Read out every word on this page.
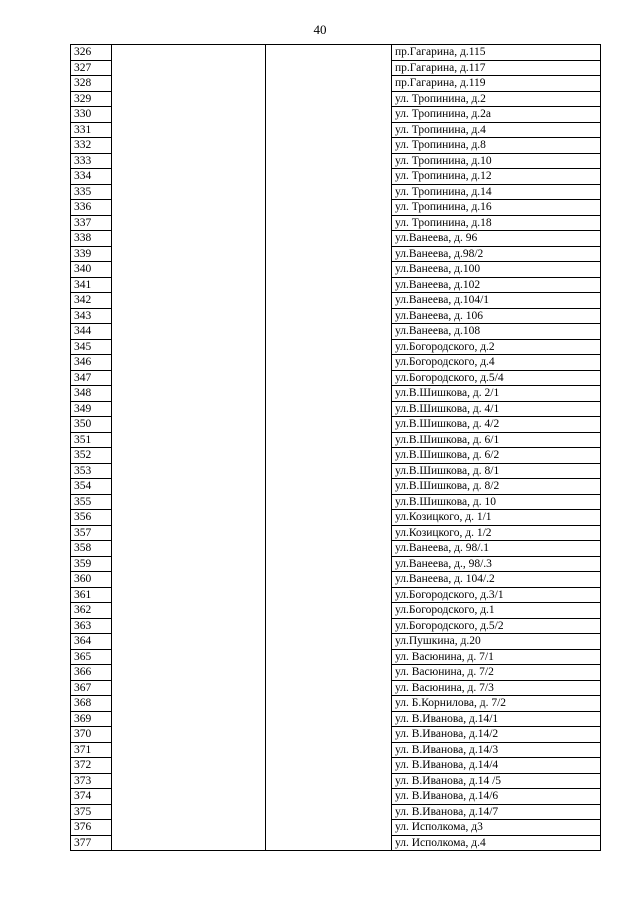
40
326			пр.Гагарина, д.115
327			пр.Гагарина, д.117
328			пр.Гагарина, д.119
329			ул. Тропинина, д.2
330			ул. Тропинина, д.2а
331			ул. Тропинина, д.4
332			ул. Тропинина, д.8
333			ул. Тропинина, д.10
334			ул. Тропинина, д.12
335			ул. Тропинина, д.14
336			ул. Тропинина, д.16
337			ул. Тропинина, д.18
338			ул.Ванеева, д. 96
339			ул.Ванеева, д.98/2
340			ул.Ванеева, д.100
341			ул.Ванеева, д.102
342			ул.Ванеева, д.104/1
343			ул.Ванеева, д. 106
344			ул.Ванеева, д.108
345			ул.Богородского, д.2
346			ул.Богородского, д.4
347			ул.Богородского, д.5/4
348			ул.В.Шишкова, д. 2/1
349			ул.В.Шишкова, д. 4/1
350			ул.В.Шишкова, д. 4/2
351			ул.В.Шишкова, д. 6/1
352			ул.В.Шишкова, д. 6/2
353			ул.В.Шишкова, д. 8/1
354			ул.В.Шишкова, д. 8/2
355			ул.В.Шишкова, д. 10
356			ул.Козицкого, д. 1/1
357			ул.Козицкого, д. 1/2
358			ул.Ванеева, д. 98/.1
359			ул.Ванеева, д., 98/.3
360			ул.Ванеева, д. 104/.2
361			ул.Богородского, д.3/1
362			ул.Богородского, д.1
363			ул.Богородского, д.5/2
364			ул.Пушкина, д.20
365			ул. Васюнина, д. 7/1
366			ул. Васюнина, д. 7/2
367			ул. Васюнина, д. 7/3
368			ул. Б.Корнилова, д. 7/2
369			ул. В.Иванова, д.14/1
370			ул. В.Иванова, д.14/2
371			ул. В.Иванова, д.14/3
372			ул. В.Иванова, д.14/4
373			ул. В.Иванова, д.14 /5
374			ул. В.Иванова, д.14/6
375			ул. В.Иванова, д.14/7
376			ул. Исполкома, д3
377			ул. Исполкома, д.4
